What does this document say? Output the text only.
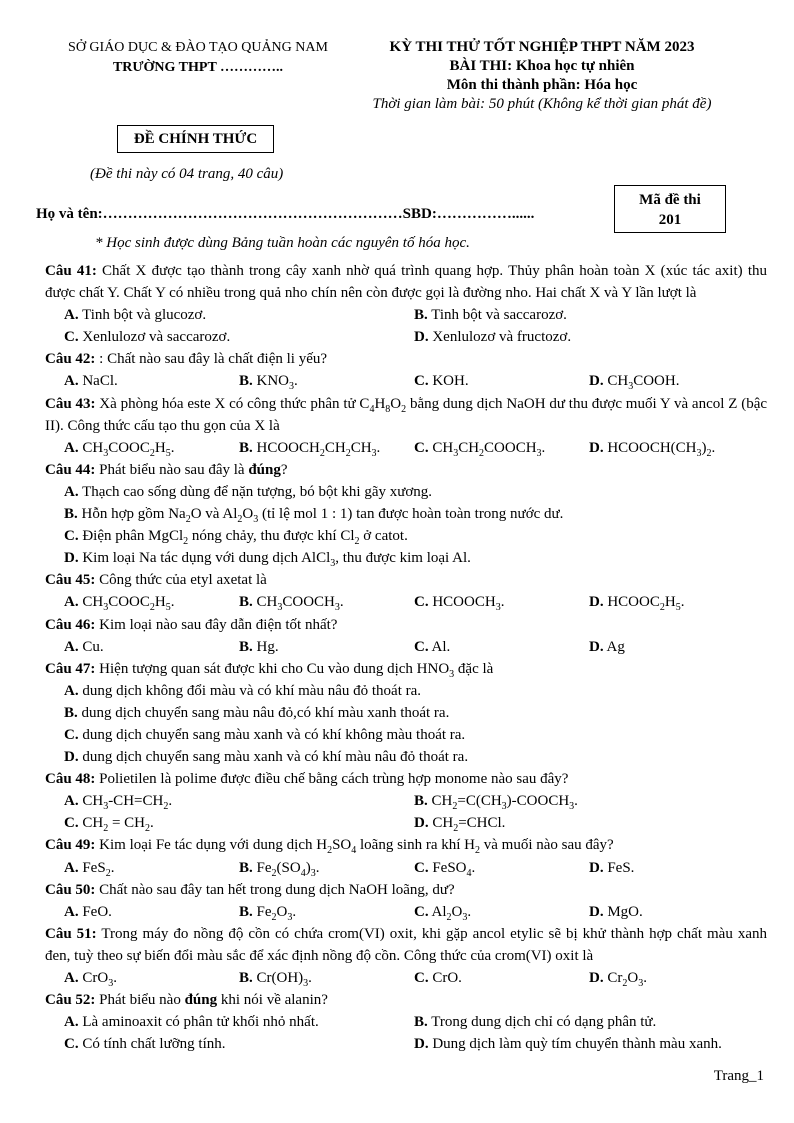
SỞ GIÁO DỤC & ĐÀO TẠO QUẢNG NAM
TRƯỜNG THPT …………..
KỲ THI THỬ TỐT NGHIỆP THPT NĂM 2023
BÀI THI: Khoa học tự nhiên
Môn thi thành phần: Hóa học
Thời gian làm bài: 50 phút (Không kể thời gian phát đề)
ĐỀ CHÍNH THỨC
(Đề thi này có 04 trang, 40 câu)
Mã đề thi
201
Họ và tên:……………………………………………………SBD:……………......
* Học sinh được dùng Bảng tuần hoàn các nguyên tố hóa học.
Câu 41: Chất X được tạo thành trong cây xanh nhờ quá trình quang hợp. Thủy phân hoàn toàn X (xúc tác axit) thu được chất Y. Chất Y có nhiều trong quả nho chín nên còn được gọi là đường nho. Hai chất X và Y lần lượt là
A. Tinh bột và glucozơ.	B. Tinh bột và saccarozơ.
C. Xenlulozơ và saccarozơ.	D. Xenlulozơ và fructozơ.
Câu 42: : Chất nào sau đây là chất điện li yếu?
A. NaCl.	B. $KNO_3$.	C. KOH.	D. $CH_3COOH$.
Câu 43: Xà phòng hóa este X có công thức phân tử $C_4H_8O_2$ bằng dung dịch NaOH dư thu được muối Y và ancol Z (bậc II). Công thức cấu tạo thu gọn của X là
A. $CH_3COOC_2H_5$.	B. $HCOOCH_2CH_2CH_3$.	C. $CH_3CH_2COOCH_3$.	D. $HCOOCH(CH_3)_2$.
Câu 44: Phát biểu nào sau đây là đúng?
A. Thạch cao sống dùng để nặn tượng, bó bột khi gãy xương.
B. Hỗn hợp gồm $Na_2O$ và $Al_2O_3$ (tỉ lệ mol 1 : 1) tan được hoàn toàn trong nước dư.
C. Điện phân MgCl$_2$ nóng chảy, thu được khí $Cl_2$ ở catot.
D. Kim loại Na tác dụng với dung dịch AlCl$_3$, thu được kim loại Al.
Câu 45: Công thức của etyl axetat là
A. $CH_3COOC_2H_5$.	B. $CH_3COOCH_3$.	C. $HCOOCH_3$.	D. $HCOOC_2H_5$.
Câu 46: Kim loại nào sau đây dẫn điện tốt nhất?
A. Cu.	B. Hg.	C. Al.	D. Ag
Câu 47: Hiện tượng quan sát được khi cho Cu vào dung dịch $HNO_3$ đặc là
A. dung dịch không đổi màu và có khí màu nâu đỏ thoát ra.
B. dung dịch chuyển sang màu nâu đỏ,có khí màu xanh thoát ra.
C. dung dịch chuyển sang màu xanh và có khí không màu thoát ra.
D. dung dịch chuyển sang màu xanh và có khí màu nâu đỏ thoát ra.
Câu 48: Polietilen là polime được điều chế bằng cách trùng hợp monome nào sau đây?
A. $CH_3-CH=CH_2$.	B. $CH_2=C(CH_3)-COOCH_3$.
C. $CH_2 = CH_2$.	D. $CH_2=CHCl$.
Câu 49: Kim loại Fe tác dụng với dung dịch $H_2SO_4$ loãng sinh ra khí $H_2$ và muối nào sau đây?
A. FeS$_2$.	B. $Fe_2(SO_4)_3$.	C. FeSO$_4$.	D. FeS.
Câu 50: Chất nào sau đây tan hết trong dung dịch NaOH loãng, dư?
A. FeO.	B. $Fe_2O_3$.	C. $Al_2O_3$.	D. MgO.
Câu 51: Trong máy đo nồng độ cồn có chứa crom(VI) oxit, khi gặp ancol etylic sẽ bị khử thành hợp chất màu xanh đen, tuỳ theo sự biến đổi màu sắc để xác định nồng độ cồn. Công thức của crom(VI) oxit là
A. CrO$_3$.	B. $Cr(OH)_3$.	C. CrO.	D. $Cr_2O_3$.
Câu 52: Phát biểu nào đúng khi nói về alanin?
A. Là aminoaxit có phân tử khối nhỏ nhất.	B. Trong dung dịch chỉ có dạng phân tử.
C. Có tính chất lưỡng tính.	D. Dung dịch làm quỳ tím chuyển thành màu xanh.
Trang_1
